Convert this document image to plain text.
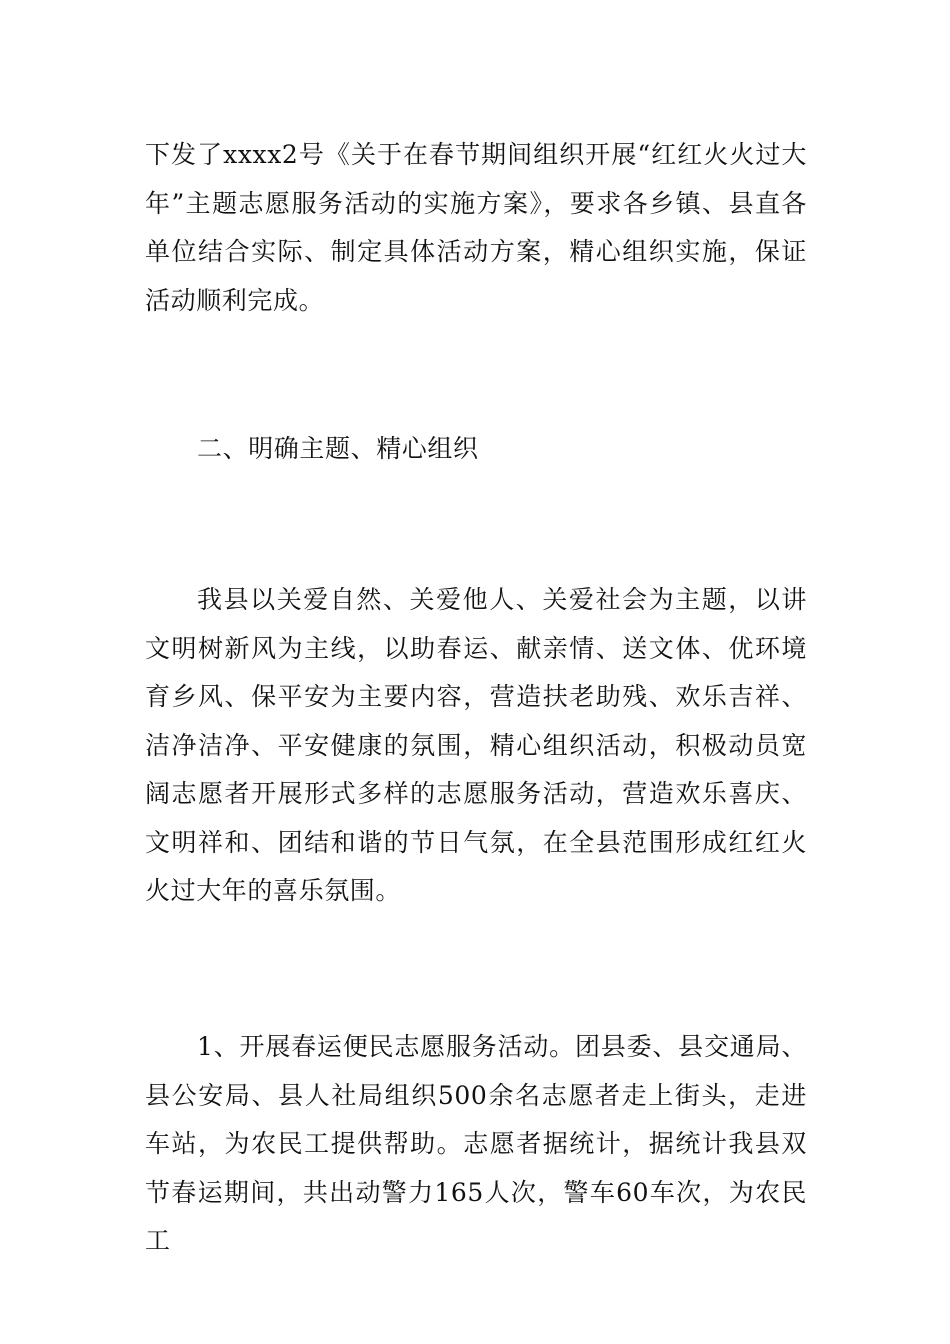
下发了xxxx2号《关于在春节期间组织开展“红红火火过大年”主题志愿服务活动的实施方案》，要求各乡镇、县直各单位结合实际、制定具体活动方案，精心组织实施，保证活动顺利完成。

二、明确主题、精心组织

我县以关爱自然、关爱他人、关爱社会为主题，以讲文明树新风为主线，以助春运、献亲情、送文体、优环境育乡风、保平安为主要内容，营造扶老助残、欢乐吉祥、洁净洁净、平安健康的氛围，精心组织活动，积极动员宽阔志愿者开展形式多样的志愿服务活动，营造欢乐喜庆、文明祥和、团结和谐的节日气氛，在全县范围形成红红火火过大年的喜乐氛围。

1、开展春运便民志愿服务活动。团县委、县交通局、县公安局、县人社局组织500余名志愿者走上街头，走进车站，为农民工提供帮助。志愿者据统计，据统计我县双节春运期间，共出动警力165人次，警车60车次，为农民工
